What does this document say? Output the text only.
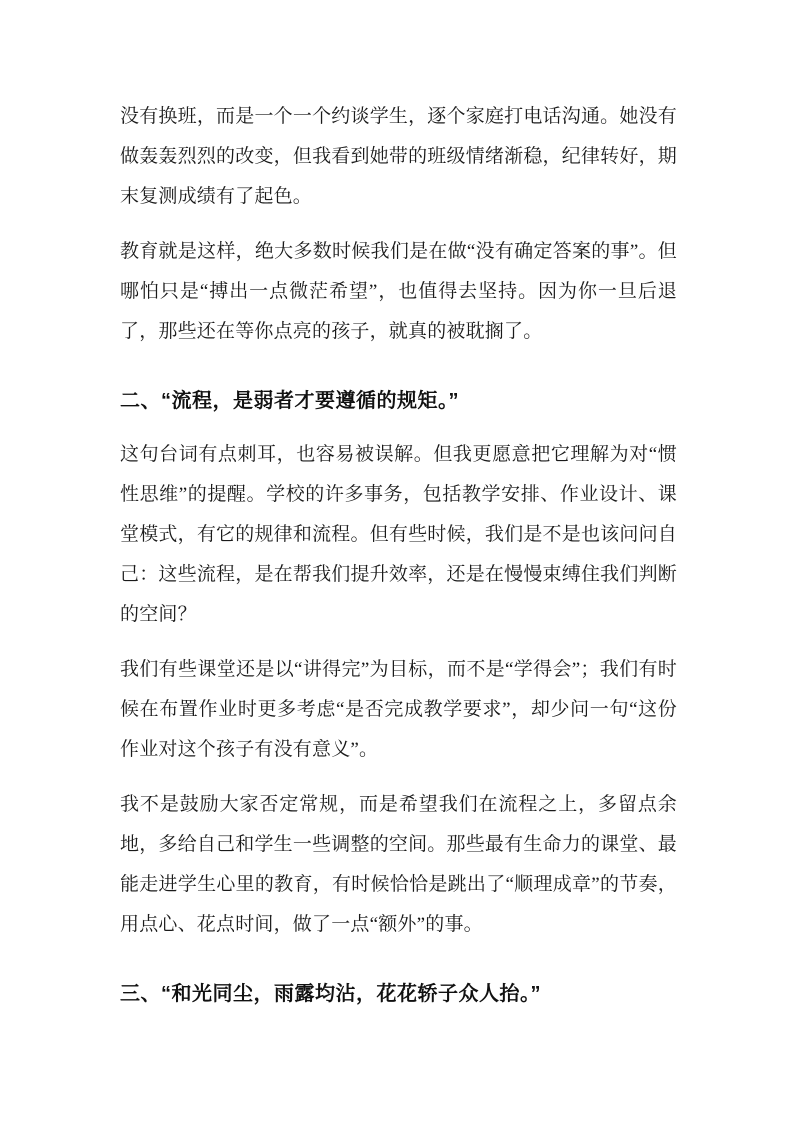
没有换班，而是一个一个约谈学生，逐个家庭打电话沟通。她没有做轰轰烈烈的改变，但我看到她带的班级情绪渐稳，纪律转好，期末复测成绩有了起色。

教育就是这样，绝大多数时候我们是在做“没有确定答案的事”。但哪怕只是“搏出一点微茫希望”，也值得去坚持。因为你一旦后退了，那些还在等你点亮的孩子，就真的被耽搁了。

二、“流程，是弱者才要遵循的规矩。”

这句台词有点刺耳，也容易被误解。但我更愿意把它理解为对“惯性思维”的提醒。学校的许多事务，包括教学安排、作业设计、课堂模式，有它的规律和流程。但有些时候，我们是不是也该问问自己：这些流程，是在帮我们提升效率，还是在慢慢束缚住我们判断的空间？

我们有些课堂还是以“讲得完”为目标，而不是“学得会”；我们有时候在布置作业时更多考虑“是否完成教学要求”，却少问一句“这份作业对这个孩子有没有意义”。

我不是鼓励大家否定常规，而是希望我们在流程之上，多留点余地，多给自己和学生一些调整的空间。那些最有生命力的课堂、最能走进学生心里的教育，有时候恰恰是跳出了“顺理成章”的节奏，用点心、花点时间，做了一点“额外”的事。

三、“和光同尘，雨露均沾，花花轿子众人抬。”
